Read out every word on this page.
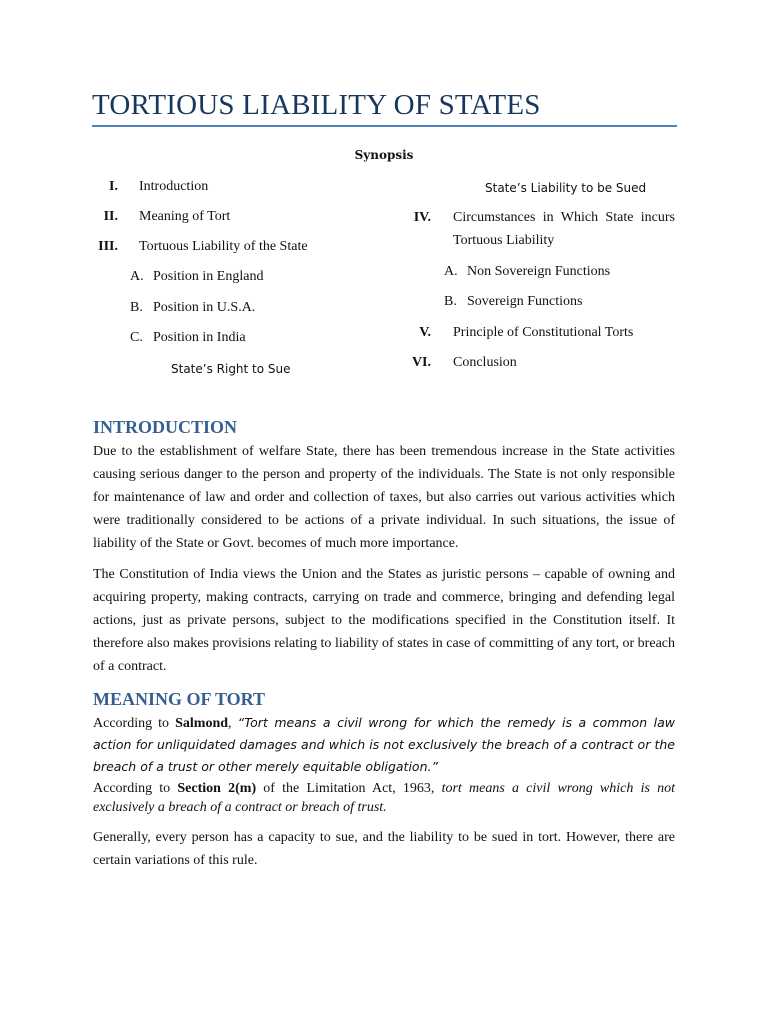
TORTIOUS LIABILITY OF STATES
Synopsis
I. Introduction
II. Meaning of Tort
III. Tortuous Liability of the State
A. Position in England
B. Position in U.S.A.
C. Position in India
State’s Right to Sue
State’s Liability to be Sued
IV. Circumstances in Which State incurs
Tortuous Liability
A. Non Sovereign Functions
B. Sovereign Functions
V. Principle of Constitutional Torts
VI. Conclusion
INTRODUCTION

Due to the establishment of welfare State, there has been tremendous increase in the State activities causing serious danger to the person and property of the individuals. The State is not only responsible for maintenance of law and order and collection of taxes, but also carries out various activities which were traditionally considered to be actions of a private individual. In such situations, the issue of liability of the State or Govt. becomes of much more importance.

The Constitution of India views the Union and the States as juristic persons – capable of owning and acquiring property, making contracts, carrying on trade and commerce, bringing and defending legal actions, just as private persons, subject to the modifications specified in the Constitution itself. It therefore also makes provisions relating to liability of states in case of committing of any tort, or breach of a contract.

MEANING OF TORT

According to Salmond, “Tort means a civil wrong for which the remedy is a common law action for unliquidated damages and which is not exclusively the breach of a contract or the breach of a trust or other merely equitable obligation.”

According to Section 2(m) of the Limitation Act, 1963, tort means a civil wrong which is not exclusively a breach of a contract or breach of trust.

Generally, every person has a capacity to sue, and the liability to be sued in tort. However, there are certain variations of this rule.
